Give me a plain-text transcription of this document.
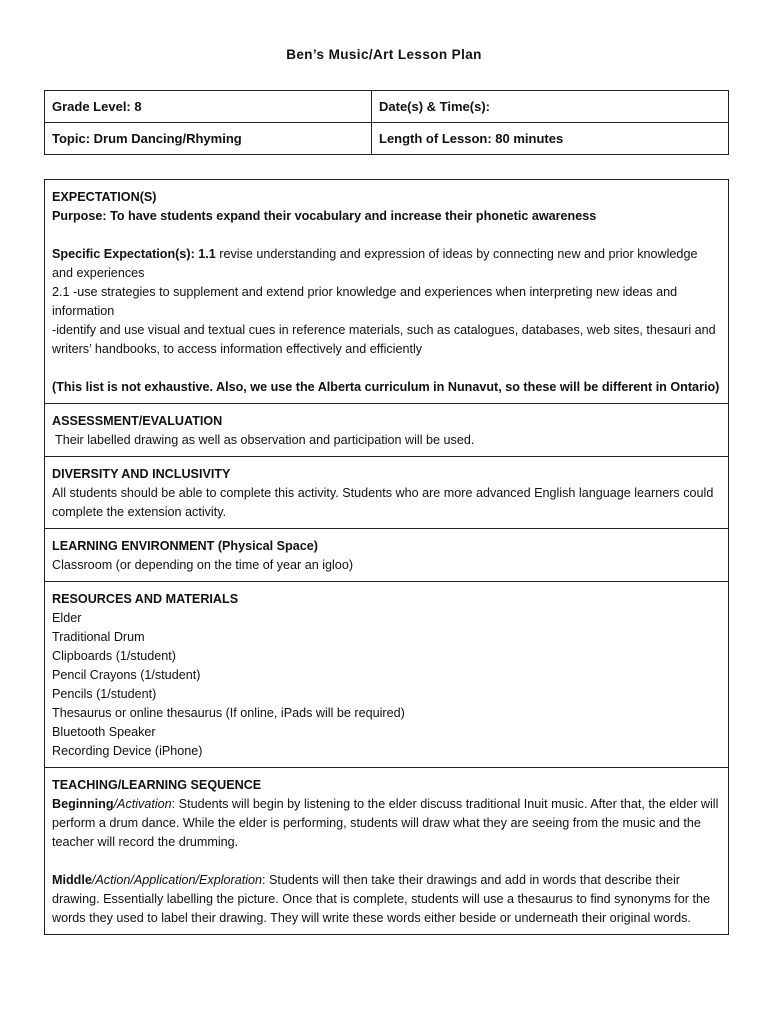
Ben’s Music/Art Lesson Plan
Grade Level: 8	Date(s) & Time(s):
Topic: Drum Dancing/Rhyming	Length of Lesson: 80 minutes
EXPECTATION(S)
Purpose: To have students expand their vocabulary and increase their phonetic awareness
Specific Expectation(s): 1.1 revise understanding and expression of ideas by connecting new and prior knowledge and experiences
2.1 -use strategies to supplement and extend prior knowledge and experiences when interpreting new ideas and information
-identify and use visual and textual cues in reference materials, such as catalogues, databases, web sites, thesauri and writers’ handbooks, to access information effectively and efficiently
(This list is not exhaustive. Also, we use the Alberta curriculum in Nunavut, so these will be different in Ontario)
ASSESSMENT/EVALUATION
Their labelled drawing as well as observation and participation will be used.
DIVERSITY AND INCLUSIVITY
All students should be able to complete this activity. Students who are more advanced English language learners could complete the extension activity.
LEARNING ENVIRONMENT (Physical Space)
Classroom (or depending on the time of year an igloo)
RESOURCES AND MATERIALS
Elder
Traditional Drum
Clipboards (1/student)
Pencil Crayons (1/student)
Pencils (1/student)
Thesaurus or online thesaurus (If online, iPads will be required)
Bluetooth Speaker
Recording Device (iPhone)
TEACHING/LEARNING SEQUENCE
Beginning/Activation: Students will begin by listening to the elder discuss traditional Inuit music. After that, the elder will perform a drum dance. While the elder is performing, students will draw what they are seeing from the music and the teacher will record the drumming.
Middle/Action/Application/Exploration: Students will then take their drawings and add in words that describe their drawing. Essentially labelling the picture. Once that is complete, students will use a thesaurus to find synonyms for the words they used to label their drawing. They will write these words either beside or underneath their original words.
